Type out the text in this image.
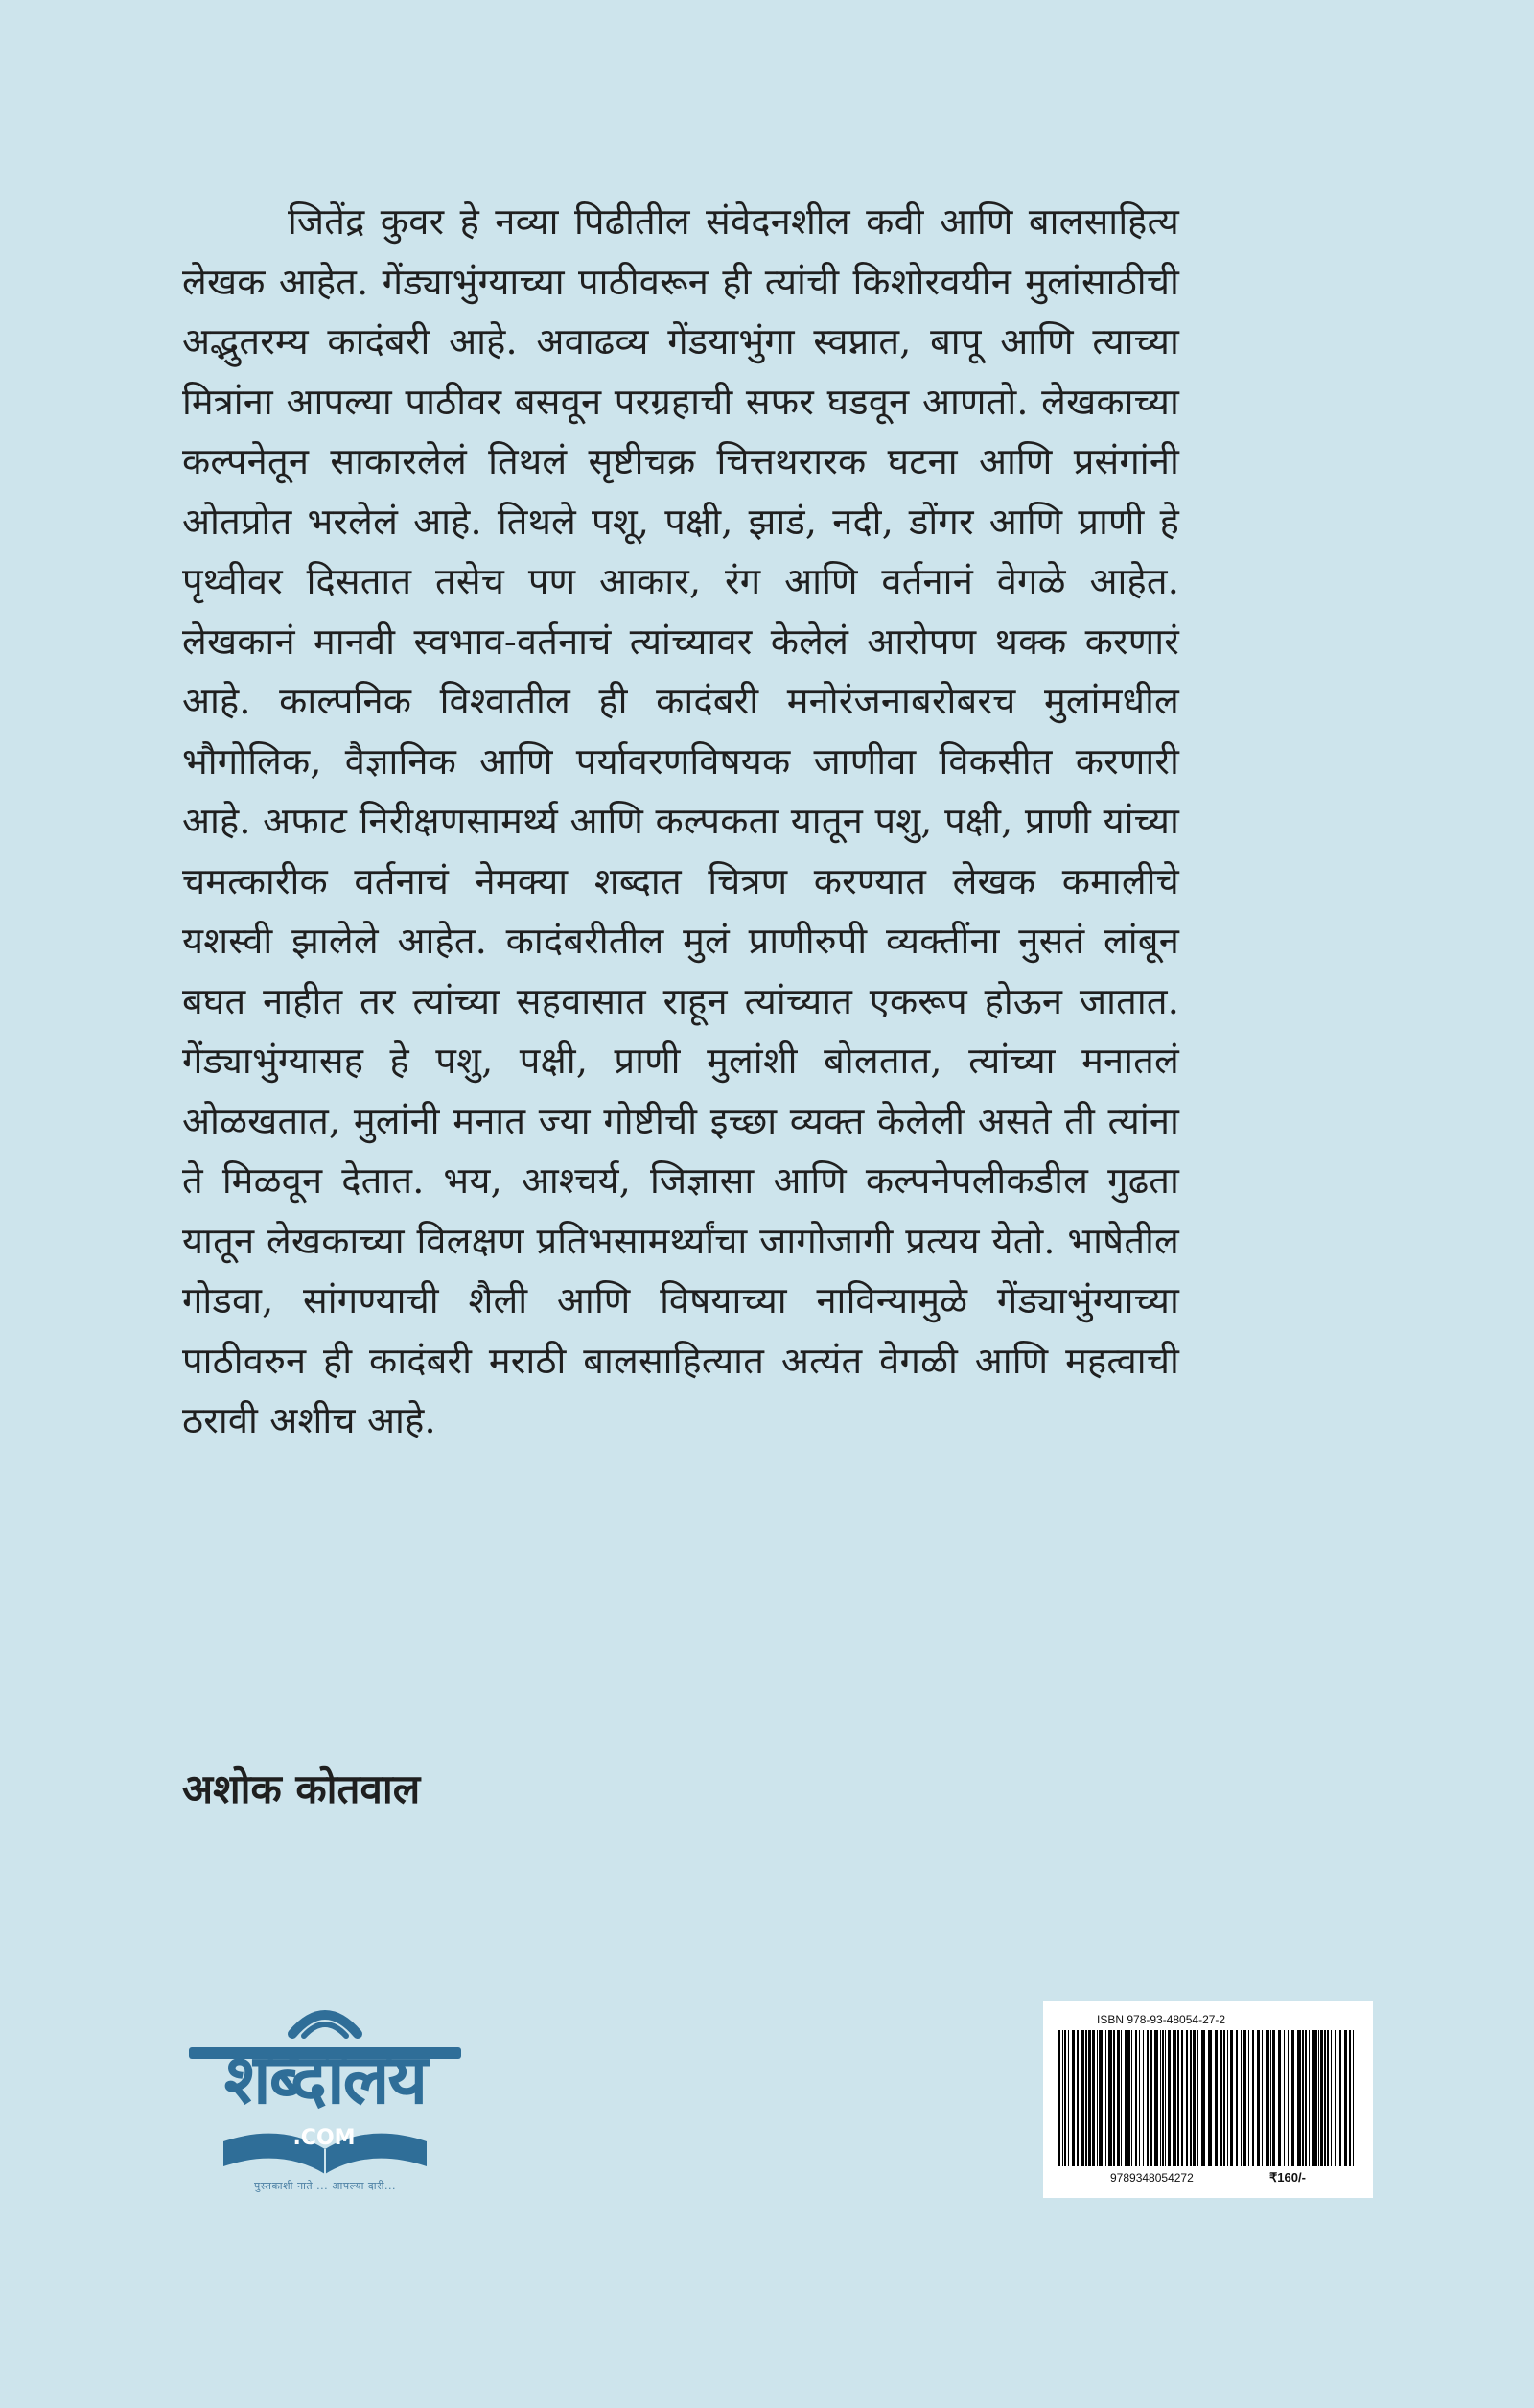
जितेंद्र कुवर हे नव्या पिढीतील संवेदनशील कवी आणि बालसाहित्य लेखक आहेत. गेंड्याभुंग्याच्या पाठीवरून ही त्यांची किशोरवयीन मुलांसाठीची अद्भुतरम्य कादंबरी आहे. अवाढव्य गेंडयाभुंगा स्वप्नात, बापू आणि त्याच्या मित्रांना आपल्या पाठीवर बसवून परग्रहाची सफर घडवून आणतो. लेखकाच्या कल्पनेतून साकारलेलं तिथलं सृष्टीचक्र चित्तथरारक घटना आणि प्रसंगांनी ओतप्रोत भरलेलं आहे. तिथले पशू, पक्षी, झाडं, नदी, डोंगर आणि प्राणी हे पृथ्वीवर दिसतात तसेच पण आकार, रंग आणि वर्तनानं वेगळे आहेत. लेखकानं मानवी स्वभाव-वर्तनाचं त्यांच्यावर केलेलं आरोपण थक्क करणारं आहे. काल्पनिक विश्वातील ही कादंबरी मनोरंजनाबरोबरच मुलांमधील भौगोलिक, वैज्ञानिक आणि पर्यावरणविषयक जाणीवा विकसीत करणारी आहे. अफाट निरीक्षणसामर्थ्य आणि कल्पकता यातून पशु, पक्षी, प्राणी यांच्या चमत्कारीक वर्तनाचं नेमक्या शब्दात चित्रण करण्यात लेखक कमालीचे यशस्वी झालेले आहेत. कादंबरीतील मुलं प्राणीरुपी व्यक्तींना नुसतं लांबून बघत नाहीत तर त्यांच्या सहवासात राहून त्यांच्यात एकरूप होऊन जातात. गेंड्याभुंग्यासह हे पशु, पक्षी, प्राणी मुलांशी बोलतात, त्यांच्या मनातलं ओळखतात, मुलांनी मनात ज्या गोष्टीची इच्छा व्यक्त केलेली असते ती त्यांना ते मिळवून देतात. भय, आश्चर्य, जिज्ञासा आणि कल्पनेपलीकडील गुढता यातून लेखकाच्या विलक्षण प्रतिभसामर्थ्यांचा जागोजागी प्रत्यय येतो. भाषेतील गोडवा, सांगण्याची शैली आणि विषयाच्या नाविन्यामुळे गेंड्याभुंग्याच्या पाठीवरुन ही कादंबरी मराठी बालसाहित्यात अत्यंत वेगळी आणि महत्वाची ठरावी अशीच आहे.

अशोक कोतवाल

शब्दालय
.COM
पुस्तकाशी नाते ... आपल्या दारी...

ISBN 978-93-48054-27-2

9789348054272	₹160/-
